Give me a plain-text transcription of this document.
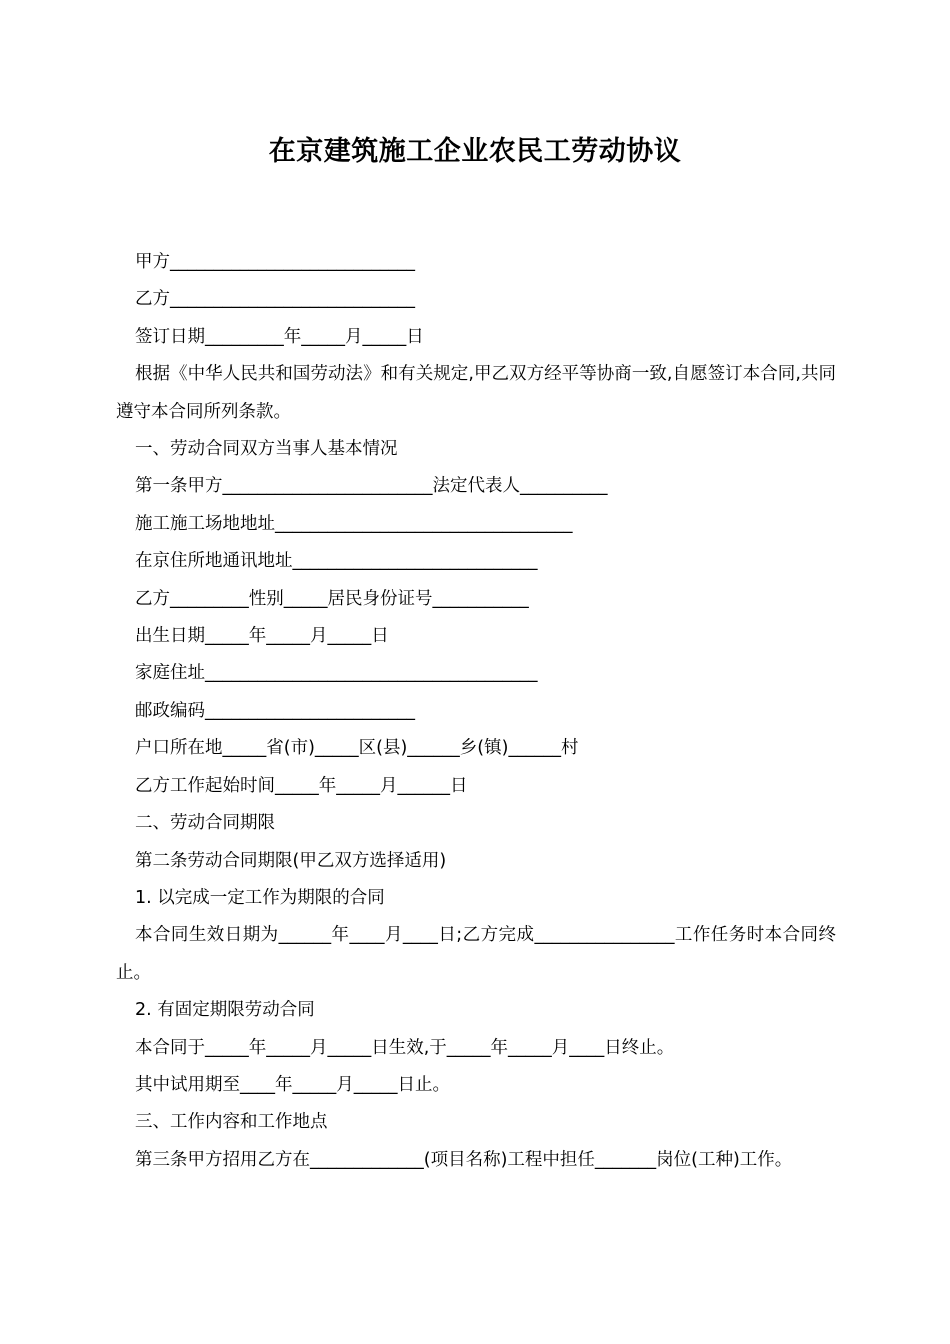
在京建筑施工企业农民工劳动协议

甲方____________________________

乙方____________________________

签订日期_________年_____月_____日

根据《中华人民共和国劳动法》和有关规定,甲乙双方经平等协商一致,自愿签订本合同,共同遵守本合同所列条款。

一、劳动合同双方当事人基本情况

第一条甲方________________________法定代表人__________

施工施工场地地址__________________________________

在京住所地通讯地址____________________________

乙方_________性别_____居民身份证号___________

出生日期_____年_____月_____日

家庭住址______________________________________

邮政编码________________________

户口所在地_____省(市)_____区(县)______乡(镇)______村

乙方工作起始时间_____年_____月______日

二、劳动合同期限

第二条劳动合同期限(甲乙双方选择适用)

1. 以完成一定工作为期限的合同

本合同生效日期为______年____月____日;乙方完成________________工作任务时本合同终止。

2. 有固定期限劳动合同

本合同于_____年_____月_____日生效,于_____年_____月____日终止。

其中试用期至____年_____月_____日止。

三、工作内容和工作地点

第三条甲方招用乙方在_____________(项目名称)工程中担任_______岗位(工种)工作。
